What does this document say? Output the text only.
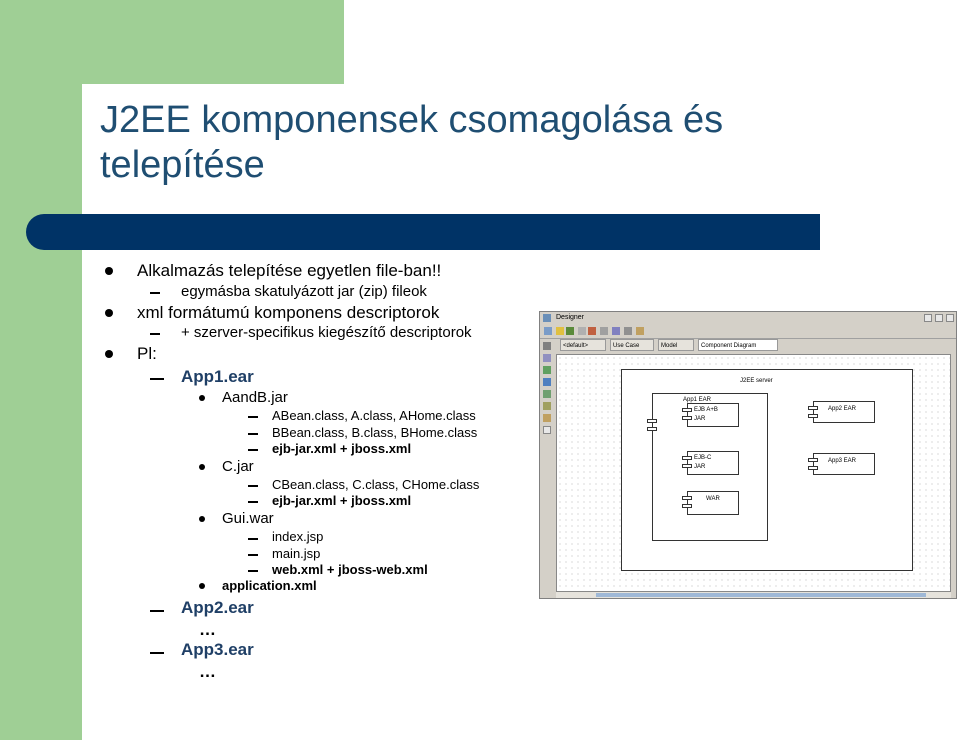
J2EE komponensek csomagolása és
telepítése
Alkalmazás telepítése egyetlen file-ban!!
egymásba skatulyázott jar (zip) fileok
xml formátumú komponens descriptorok
+ szerver-specifikus kiegészítő descriptorok
Pl:
App1.ear
AandB.jar
ABean.class, A.class, AHome.class
BBean.class, B.class, BHome.class
ejb-jar.xml + jboss.xml
C.jar
CBean.class, C.class, CHome.class
ejb-jar.xml + jboss.xml
Gui.war
index.jsp
main.jsp
web.xml + jboss-web.xml
application.xml
App2.ear
…
App3.ear
…
Designer
<default>	Use Case	Model	Component Diagram
J2EE server
App1 EAR
EJB A+B
JAR
EJB-C
JAR
WAR
App2 EAR
App3 EAR
